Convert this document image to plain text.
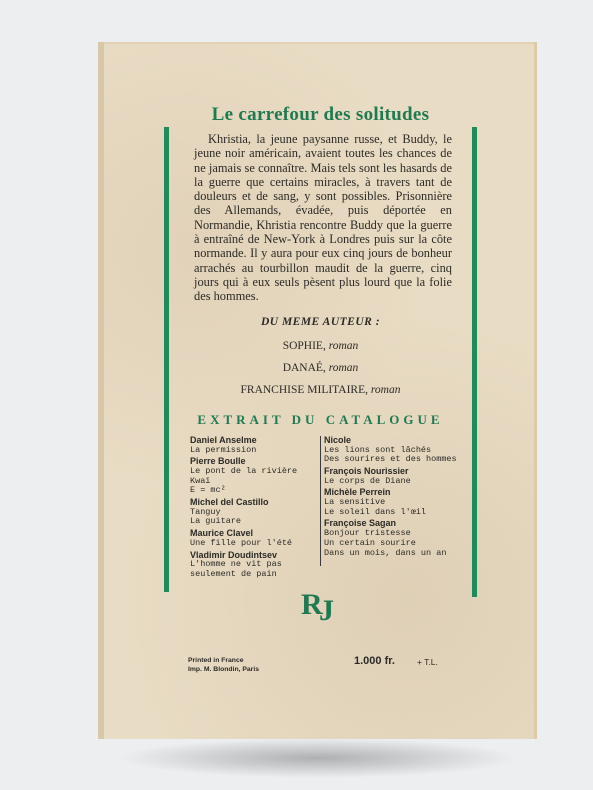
Le carrefour des solitudes
Khristia, la jeune paysanne russe, et Buddy, le jeune noir américain, avaient toutes les chances de ne jamais se connaître. Mais tels sont les hasards de la guerre que certains miracles, à travers tant de douleurs et de sang, y sont possibles. Prisonnière des Allemands, évadée, puis déportée en Normandie, Khristia rencontre Buddy que la guerre à entraîné de New-York à Londres puis sur la côte normande. Il y aura pour eux cinq jours de bonheur arrachés au tourbillon maudit de la guerre, cinq jours qui à eux seuls pèsent plus lourd que la folie des hommes.
DU MEME AUTEUR :
SOPHIE, roman
DANAÉ, roman
FRANCHISE MILITAIRE, roman
EXTRAIT DU CATALOGUE
Daniel Anselme
La permission
Pierre Boulle
Le pont de la rivière Kwaï
E = mc²
Michel del Castillo
Tanguy
La guitare
Maurice Clavel
Une fille pour l'été
Vladimir Doudintsev
L'homme ne vit pas
seulement de pain
Nicole
Les lions sont lâchés
Des sourires et des hommes
François Nourissier
Le corps de Diane
Michèle Perrein
La sensitive
Le soleil dans l'œil
Françoise Sagan
Bonjour tristesse
Un certain sourire
Dans un mois, dans un an
R
J
Printed in France
Imp. M. Blondin, Paris
1.000 fr.	+ T.L.
